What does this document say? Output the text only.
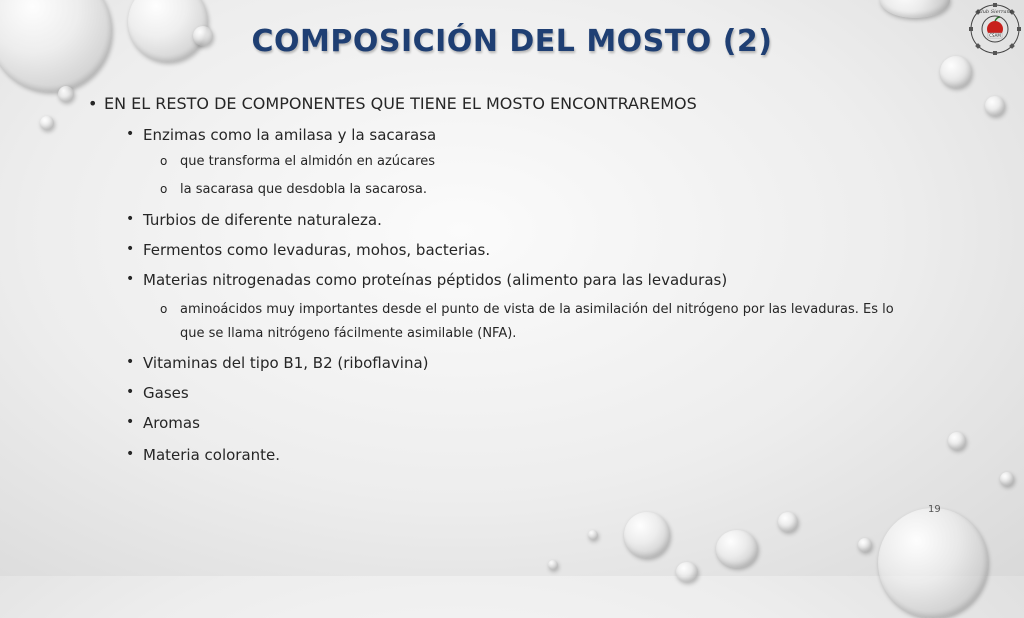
Club Sierrano
CSAM
COMPOSICIÓN DEL MOSTO (2)
• EN EL RESTO DE COMPONENTES QUE TIENE EL MOSTO ENCONTRAREMOS
• Enzimas como la amilasa y la sacarasa
o que transforma el almidón en azúcares
o la sacarasa que desdobla la sacarosa.
• Turbios de diferente naturaleza.
• Fermentos como levaduras, mohos, bacterias.
• Materias nitrogenadas como proteínas péptidos (alimento para las levaduras)
o aminoácidos muy importantes desde el punto de vista de la asimilación del nitrógeno por las levaduras. Es lo
que se llama nitrógeno fácilmente asimilable (NFA).
• Vitaminas del tipo B1, B2 (riboflavina)
• Gases
• Aromas
• Materia colorante.
19
